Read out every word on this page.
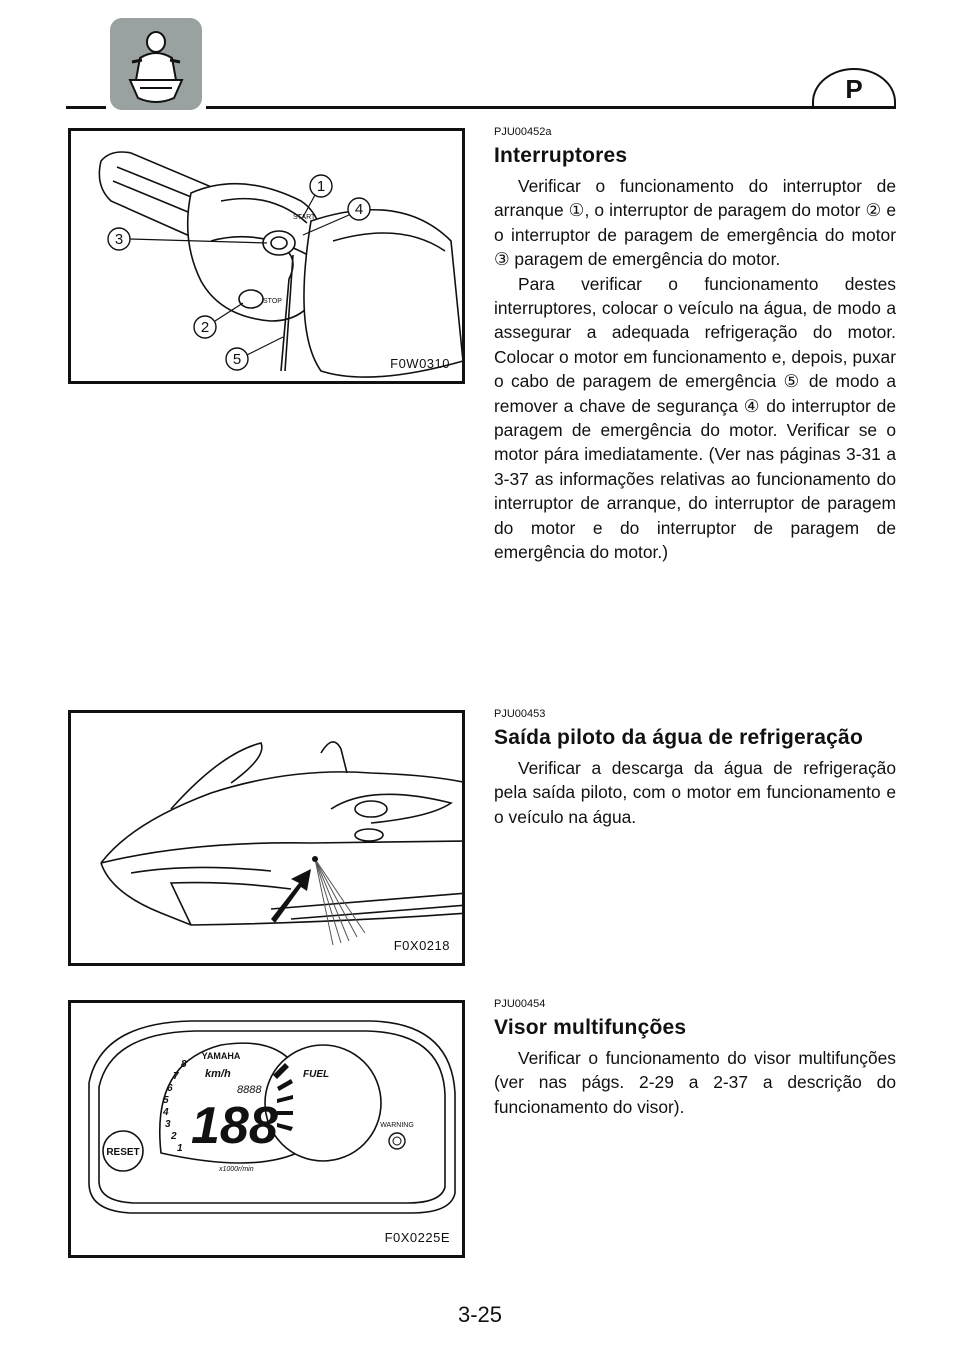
P
1
4
3
2
5
START
STOP
F0W0310
PJU00452a
Interruptores

Verificar o funcionamento do interruptor de arranque ①, o interruptor de paragem do motor ② e o interruptor de paragem de emergência do motor ③ paragem de emergência do motor.

Para verificar o funcionamento destes interruptores, colocar o veículo na água, de modo a assegurar a adequada refrigeração do motor. Colocar o motor em funcionamento e, depois, puxar o cabo de paragem de emergência ⑤ de modo a remover a chave de segurança ④ do interruptor de paragem de emergência do motor. Verificar se o motor pára imediatamente. (Ver nas páginas 3-31 a 3-37 as informações relativas ao funcionamento do interruptor de arranque, do interruptor de paragem do motor e do interruptor de paragem de emergência do motor.)

F0X0218
PJU00453
Saída piloto da água de refrigeração

Verificar a descarga da água de refrigeração pela saída piloto, com o motor em funcionamento e o veículo na água.

YAMAHA
km/h
8888
188
FUEL
x1000r/min
RESET
WARNING
1
2
3
4
5
6
7
8
F0X0225E
PJU00454
Visor multifunções

Verificar o funcionamento do visor multifunções (ver nas págs. 2-29 a 2-37 a descrição do funcionamento do visor).

3-25
